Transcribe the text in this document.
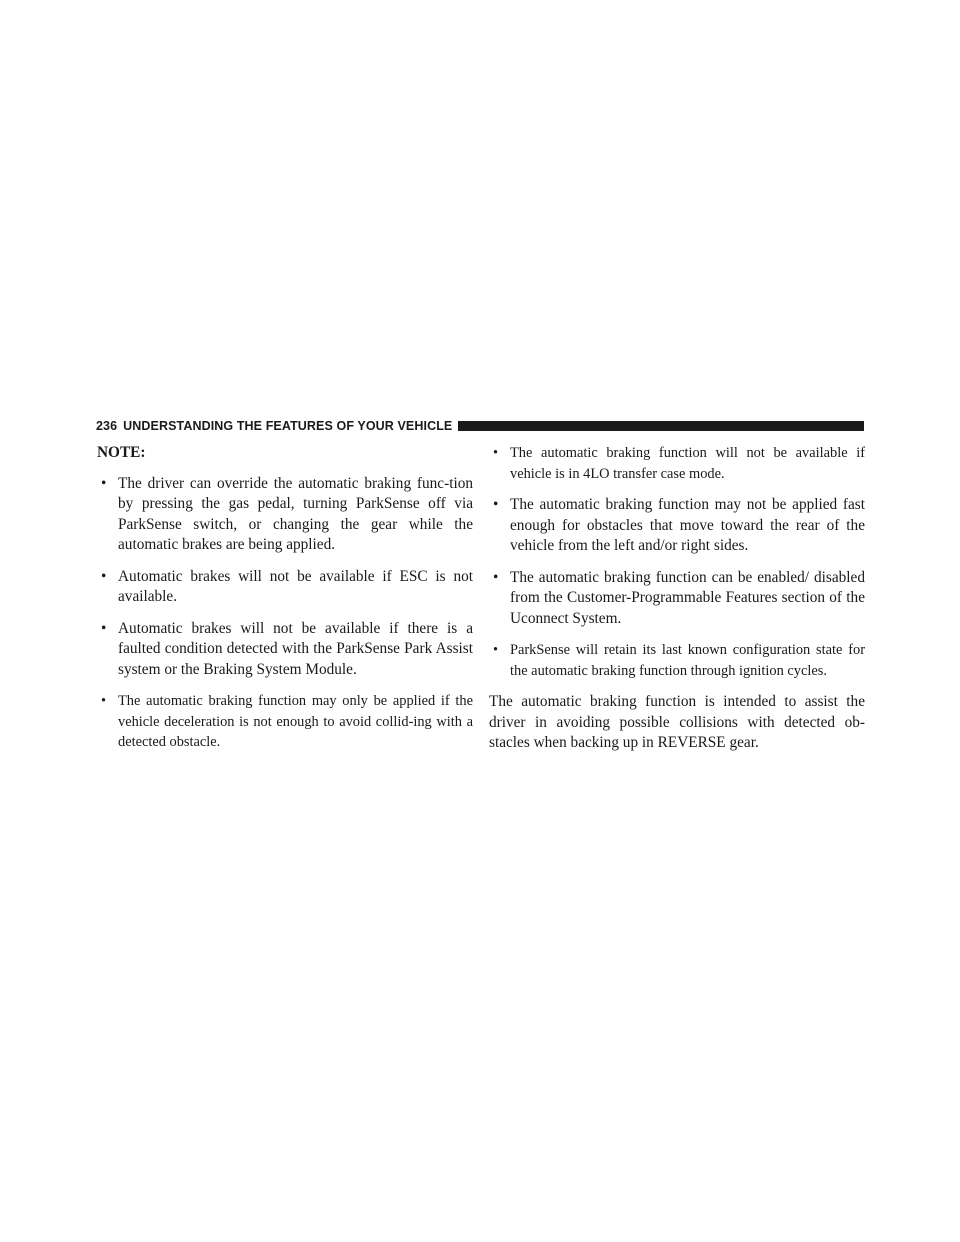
236 UNDERSTANDING THE FEATURES OF YOUR VEHICLE
NOTE:
• The driver can override the automatic braking func-tion by pressing the gas pedal, turning ParkSense off via ParkSense switch, or changing the gear while the automatic brakes are being applied.
• Automatic brakes will not be available if ESC is not available.
• Automatic brakes will not be available if there is a faulted condition detected with the ParkSense Park Assist system or the Braking System Module.
• The automatic braking function may only be applied if the vehicle deceleration is not enough to avoid collid-ing with a detected obstacle.
• The automatic braking function will not be available if vehicle is in 4LO transfer case mode.
• The automatic braking function may not be applied fast enough for obstacles that move toward the rear of the vehicle from the left and/or right sides.
• The automatic braking function can be enabled/ disabled from the Customer-Programmable Features section of the Uconnect System.
• ParkSense will retain its last known configuration state for the automatic braking function through ignition cycles.

The automatic braking function is intended to assist the driver in avoiding possible collisions with detected ob-stacles when backing up in REVERSE gear.
